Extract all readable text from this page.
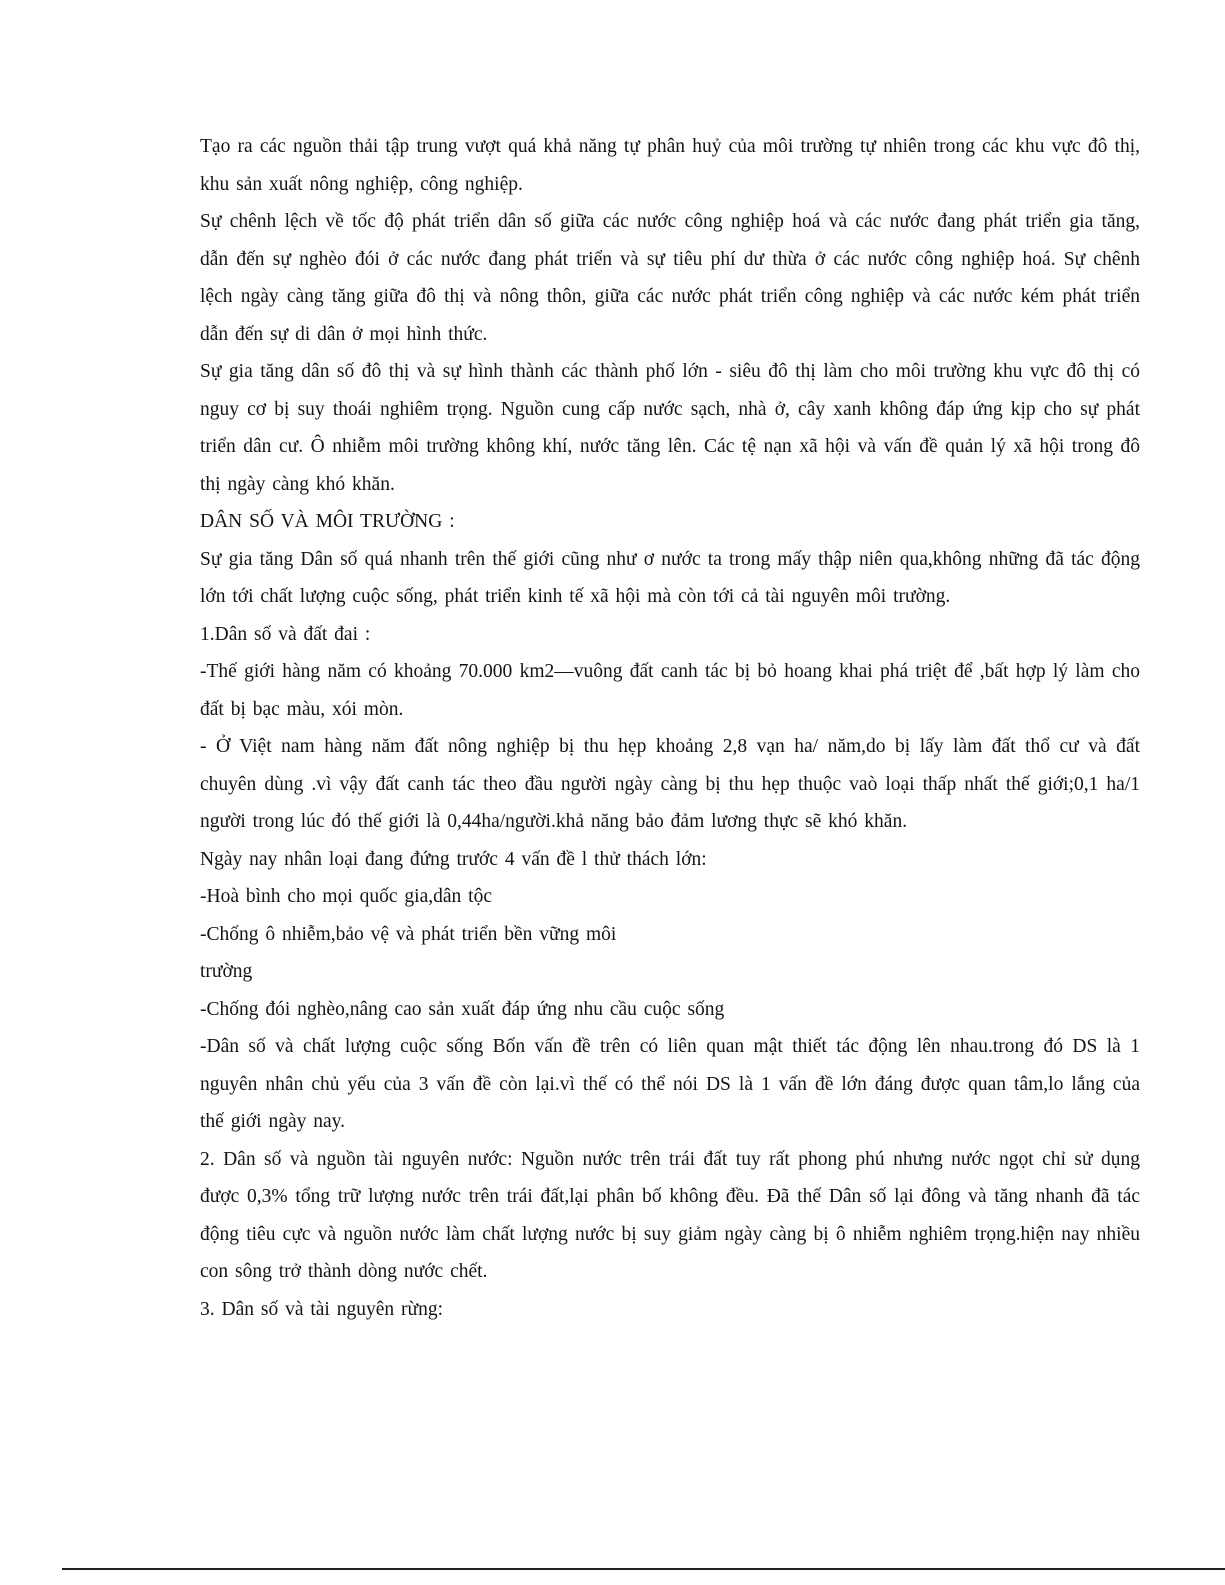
Tạo ra các nguồn thải tập trung vượt quá khả năng tự phân huỷ của môi trường tự nhiên trong các khu vực đô thị, khu sản xuất nông nghiệp, công nghiệp.

Sự chênh lệch về tốc độ phát triển dân số giữa các nước công nghiệp hoá và các nước đang phát triển gia tăng, dẫn đến sự nghèo đói ở các nước đang phát triển và sự tiêu phí dư thừa ở các nước công nghiệp hoá. Sự chênh lệch ngày càng tăng giữa đô thị và nông thôn, giữa các nước phát triển công nghiệp và các nước kém phát triển dẫn đến sự di dân ở mọi hình thức.

Sự gia tăng dân số đô thị và sự hình thành các thành phố lớn - siêu đô thị làm cho môi trường khu vực đô thị có nguy cơ bị suy thoái nghiêm trọng. Nguồn cung cấp nước sạch, nhà ở, cây xanh không đáp ứng kịp cho sự phát triển dân cư. Ô nhiễm môi trường không khí, nước tăng lên. Các tệ nạn xã hội và vấn đề quản lý xã hội trong đô thị ngày càng khó khăn.

DÂN SỐ VÀ MÔI TRƯỜNG :

Sự gia tăng Dân số quá nhanh trên thế giới cũng như ơ nước ta trong mấy thập niên qua,không những đã tác động lớn tới chất lượng cuộc sống, phát triển kinh tế xã hội mà còn tới cả tài nguyên môi trường.

1.Dân số và đất đai :

-Thế giới hàng năm có khoảng 70.000 km2—vuông đất canh tác bị bỏ hoang khai phá triệt để ,bất hợp lý làm cho đất bị bạc màu, xói mòn.

- Ở Việt nam hàng năm đất nông nghiệp bị thu hẹp khoảng 2,8 vạn ha/ năm,do bị lấy làm đất thổ cư và đất chuyên dùng .vì vậy đất canh tác theo đầu người ngày càng bị thu hẹp thuộc vaò loại thấp nhất thế giới;0,1 ha/1 người trong lúc đó thế giới là 0,44ha/người.khả năng bảo đảm lương thực sẽ khó khăn.

Ngày nay nhân loại đang đứng trước 4 vấn đề l thử thách lớn:

-Hoà bình cho mọi quốc gia,dân tộc

-Chống ô nhiễm,bảo vệ và phát triển bền vững môi

trường

-Chống đói nghèo,nâng cao sản xuất đáp ứng nhu cầu cuộc sống

-Dân số và chất lượng cuộc sống Bốn vấn đề trên có liên quan mật thiết tác động lên nhau.trong đó DS là 1 nguyên nhân chủ yếu của 3 vấn đề còn lại.vì thế có thể nói DS là 1 vấn đề lớn đáng được quan tâm,lo lắng của thế giới ngày nay.

2. Dân số và nguồn tài nguyên nước: Nguồn nước trên trái đất tuy rất phong phú nhưng nước ngọt chỉ sử dụng được 0,3% tổng trữ lượng nước trên trái đất,lại phân bố không đều. Đã thế Dân số lại đông và tăng nhanh đã tác động tiêu cực và nguồn nước làm chất lượng nước bị suy giảm ngày càng bị ô nhiễm nghiêm trọng.hiện nay nhiều con sông trở thành dòng nước chết.

3. Dân số và tài nguyên rừng:
